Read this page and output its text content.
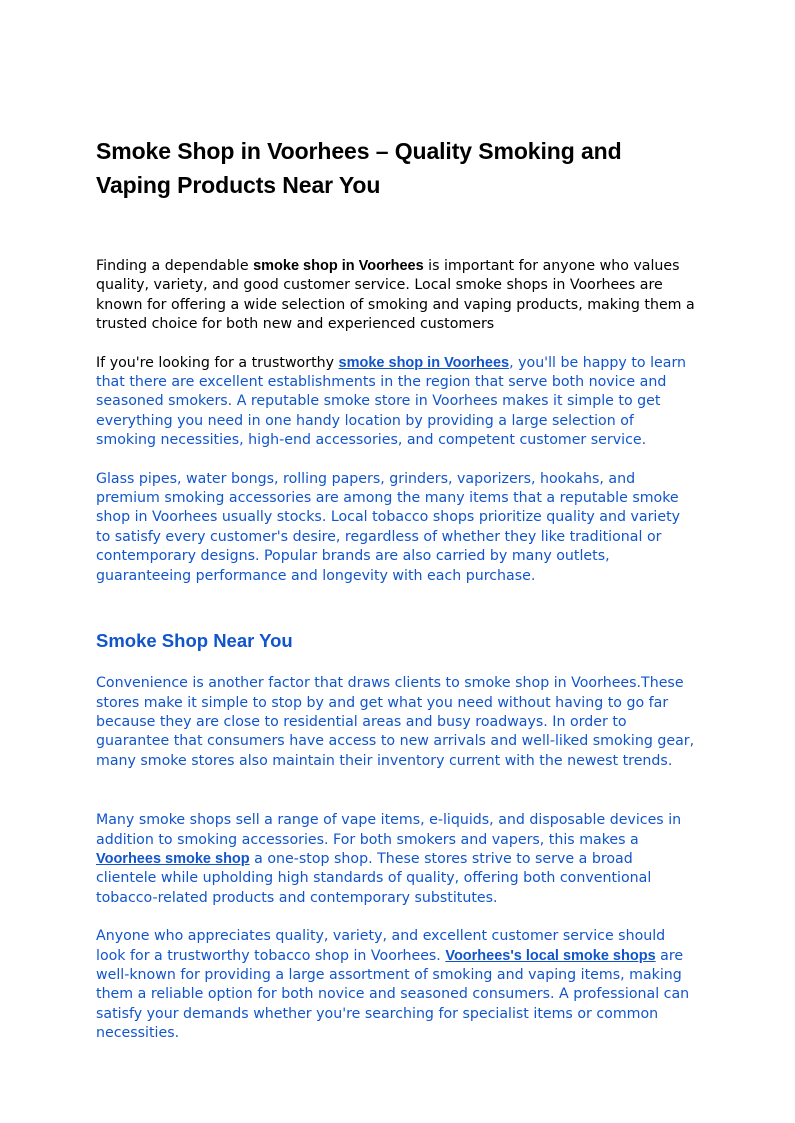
Smoke Shop in Voorhees – Quality Smoking and Vaping Products Near You

Finding a dependable smoke shop in Voorhees is important for anyone who values quality, variety, and good customer service. Local smoke shops in Voorhees are known for offering a wide selection of smoking and vaping products, making them a trusted choice for both new and experienced customers

If you're looking for a trustworthy smoke shop in Voorhees, you'll be happy to learn that there are excellent establishments in the region that serve both novice and seasoned smokers. A reputable smoke store in Voorhees makes it simple to get everything you need in one handy location by providing a large selection of smoking necessities, high-end accessories, and competent customer service.

Glass pipes, water bongs, rolling papers, grinders, vaporizers, hookahs, and premium smoking accessories are among the many items that a reputable smoke shop in Voorhees usually stocks. Local tobacco shops prioritize quality and variety to satisfy every customer's desire, regardless of whether they like traditional or contemporary designs. Popular brands are also carried by many outlets, guaranteeing performance and longevity with each purchase.

Smoke Shop Near You

Convenience is another factor that draws clients to smoke shop in Voorhees.These stores make it simple to stop by and get what you need without having to go far because they are close to residential areas and busy roadways. In order to guarantee that consumers have access to new arrivals and well-liked smoking gear, many smoke stores also maintain their inventory current with the newest trends.

Many smoke shops sell a range of vape items, e-liquids, and disposable devices in addition to smoking accessories. For both smokers and vapers, this makes a Voorhees smoke shop a one-stop shop. These stores strive to serve a broad clientele while upholding high standards of quality, offering both conventional tobacco-related products and contemporary substitutes.

Anyone who appreciates quality, variety, and excellent customer service should look for a trustworthy tobacco shop in Voorhees. Voorhees's local smoke shops are well-known for providing a large assortment of smoking and vaping items, making them a reliable option for both novice and seasoned consumers. A professional can satisfy your demands whether you're searching for specialist items or common necessities.
